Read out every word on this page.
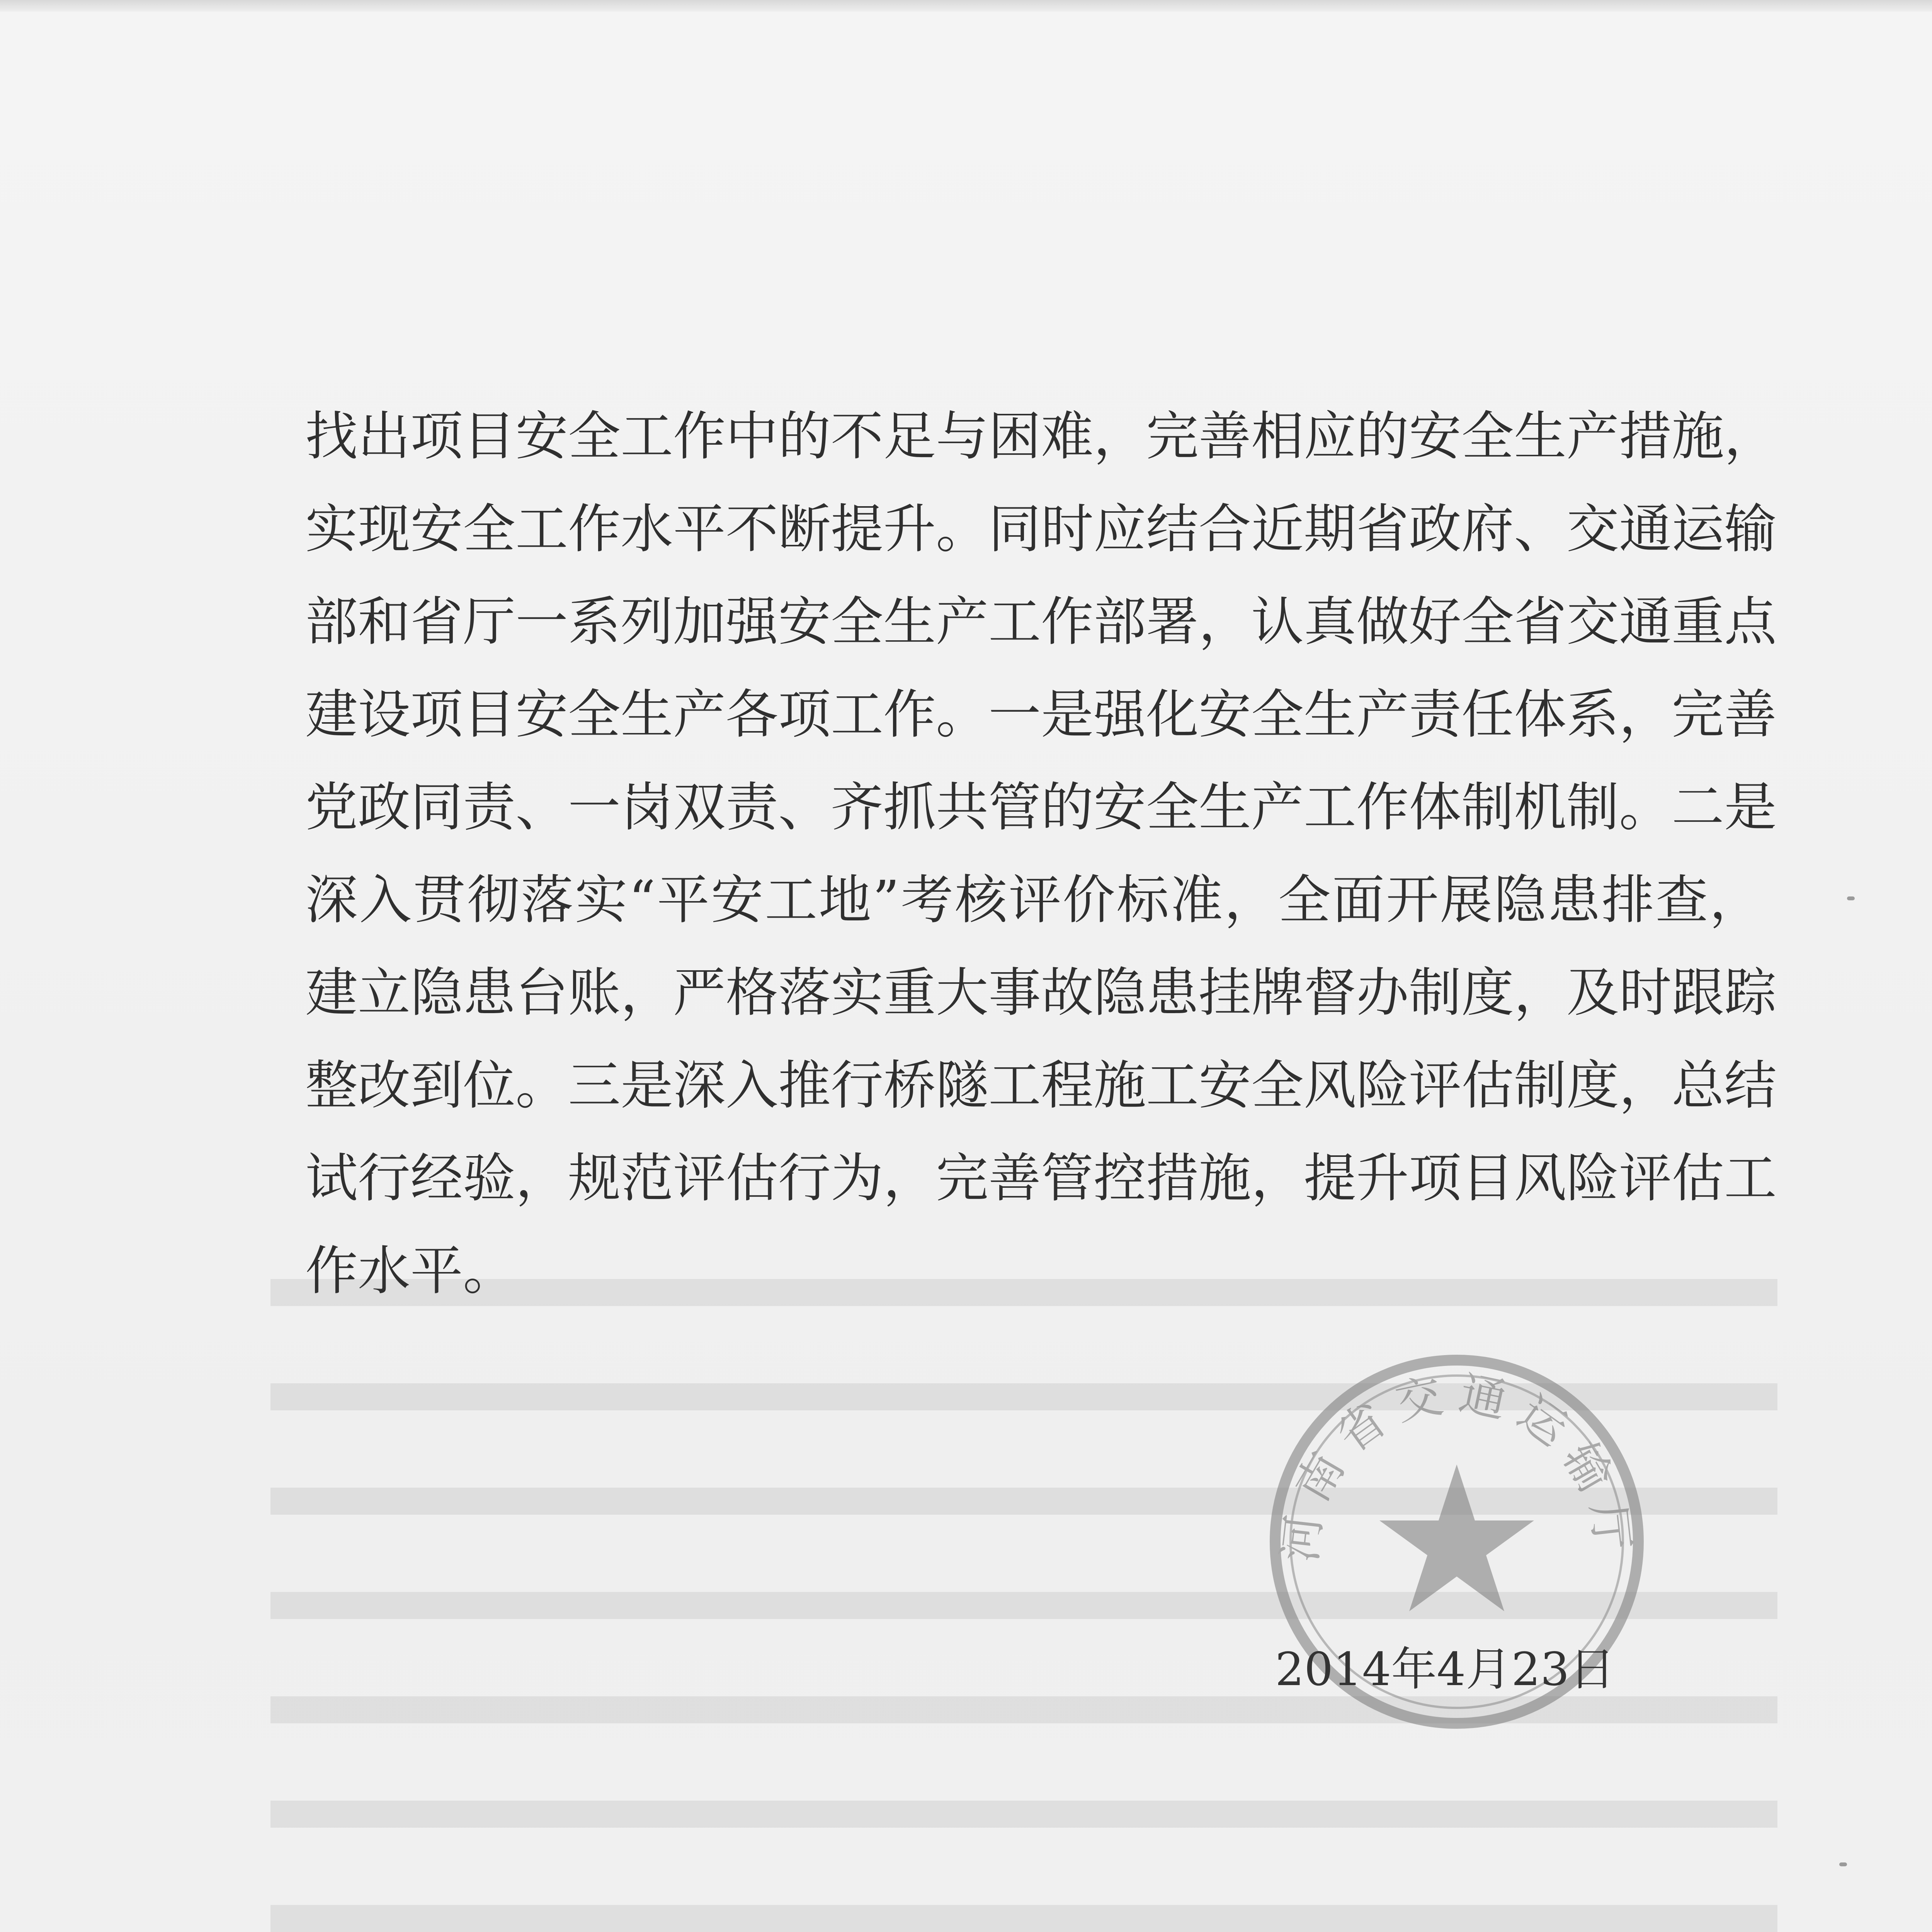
找出项目安全工作中的不足与困难，完善相应的安全生产措施，
实现安全工作水平不断提升。同时应结合近期省政府、交通运输
部和省厅一系列加强安全生产工作部署，认真做好全省交通重点
建设项目安全生产各项工作。一是强化安全生产责任体系，完善
党政同责、一岗双责、齐抓共管的安全生产工作体制机制。二是
深入贯彻落实“平安工地”考核评价标准，全面开展隐患排查，
建立隐患台账，严格落实重大事故隐患挂牌督办制度，及时跟踪
整改到位。三是深入推行桥隧工程施工安全风险评估制度，总结
试行经验，规范评估行为，完善管控措施，提升项目风险评估工
作水平。
河南省交通运输厅
2014年4月23日
